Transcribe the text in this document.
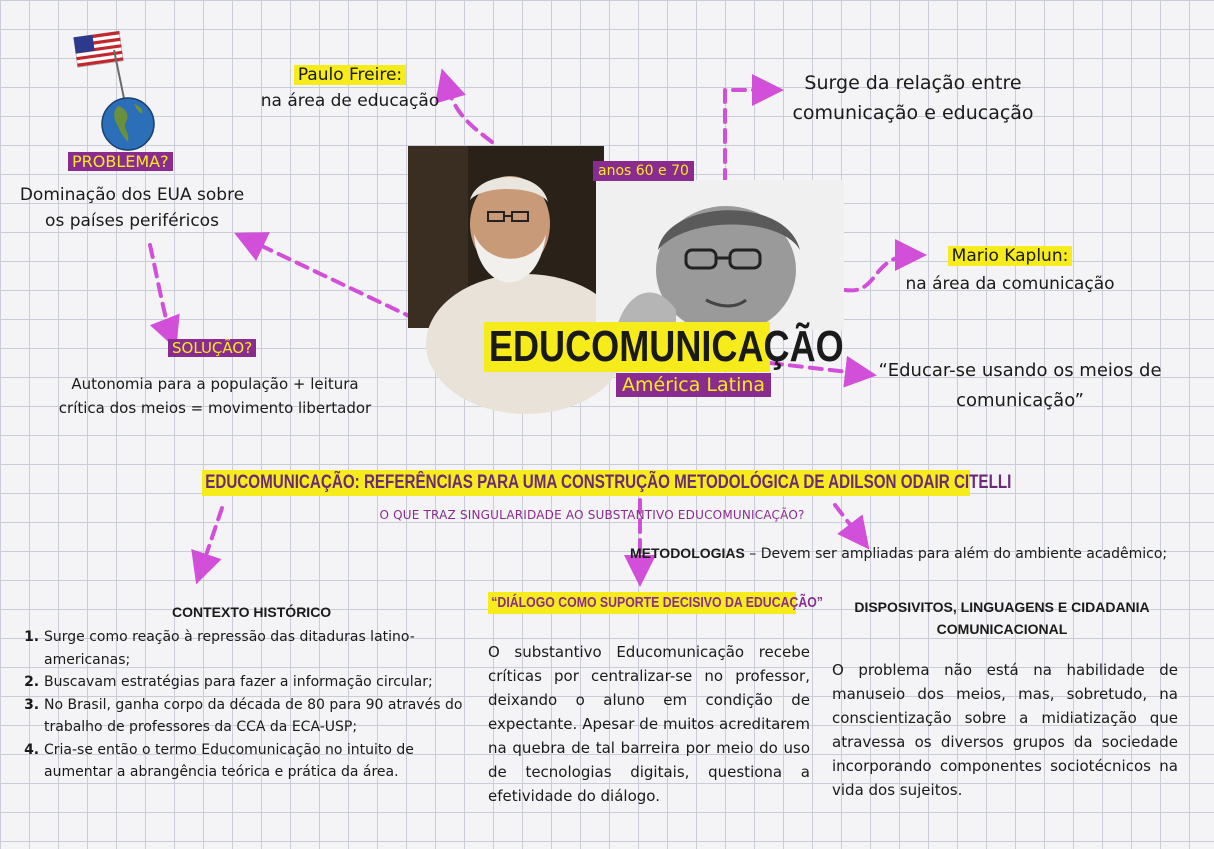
PROBLEMA?
Dominação dos EUA sobre
os países periféricos
Paulo Freire:
na área de educação
Surge da relação entre
comunicação e educação
anos 60 e 70
Mario Kaplun:
na área da comunicação
EDUCOMUNICAÇÃO
América Latina
SOLUÇÃO?
Autonomia para a população + leitura
crítica dos meios = movimento libertador
“Educar-se usando os meios de
comunicação”
EDUCOMUNICAÇÃO: REFERÊNCIAS PARA UMA CONSTRUÇÃO METODOLÓGICA DE ADILSON ODAIR CITELLI
O QUE TRAZ SINGULARIDADE AO SUBSTANTIVO EDUCOMUNICAÇÃO?
METODOLOGIAS – Devem ser ampliadas para além do ambiente acadêmico;
CONTEXTO HISTÓRICO
1. Surge como reação à repressão das ditaduras latino-americanas;
2. Buscavam estratégias para fazer a informação circular;
3. No Brasil, ganha corpo da década de 80 para 90 através do trabalho de professores da CCA da ECA-USP;
4. Cria-se então o termo Educomunicação no intuito de aumentar a abrangência teórica e prática da área.
“DIÁLOGO COMO SUPORTE DECISIVO DA EDUCAÇÃO”
O substantivo Educomunicação recebe críticas por centralizar-se no professor, deixando o aluno em condição de expectante. Apesar de muitos acreditarem na quebra de tal barreira por meio do uso de tecnologias digitais, questiona a efetividade do diálogo.
DISPOSIVITOS, LINGUAGENS E CIDADANIA
COMUNICACIONAL
O problema não está na habilidade de manuseio dos meios, mas, sobretudo, na conscientização sobre a midiatização que atravessa os diversos grupos da sociedade incorporando componentes sociotécnicos na vida dos sujeitos.
